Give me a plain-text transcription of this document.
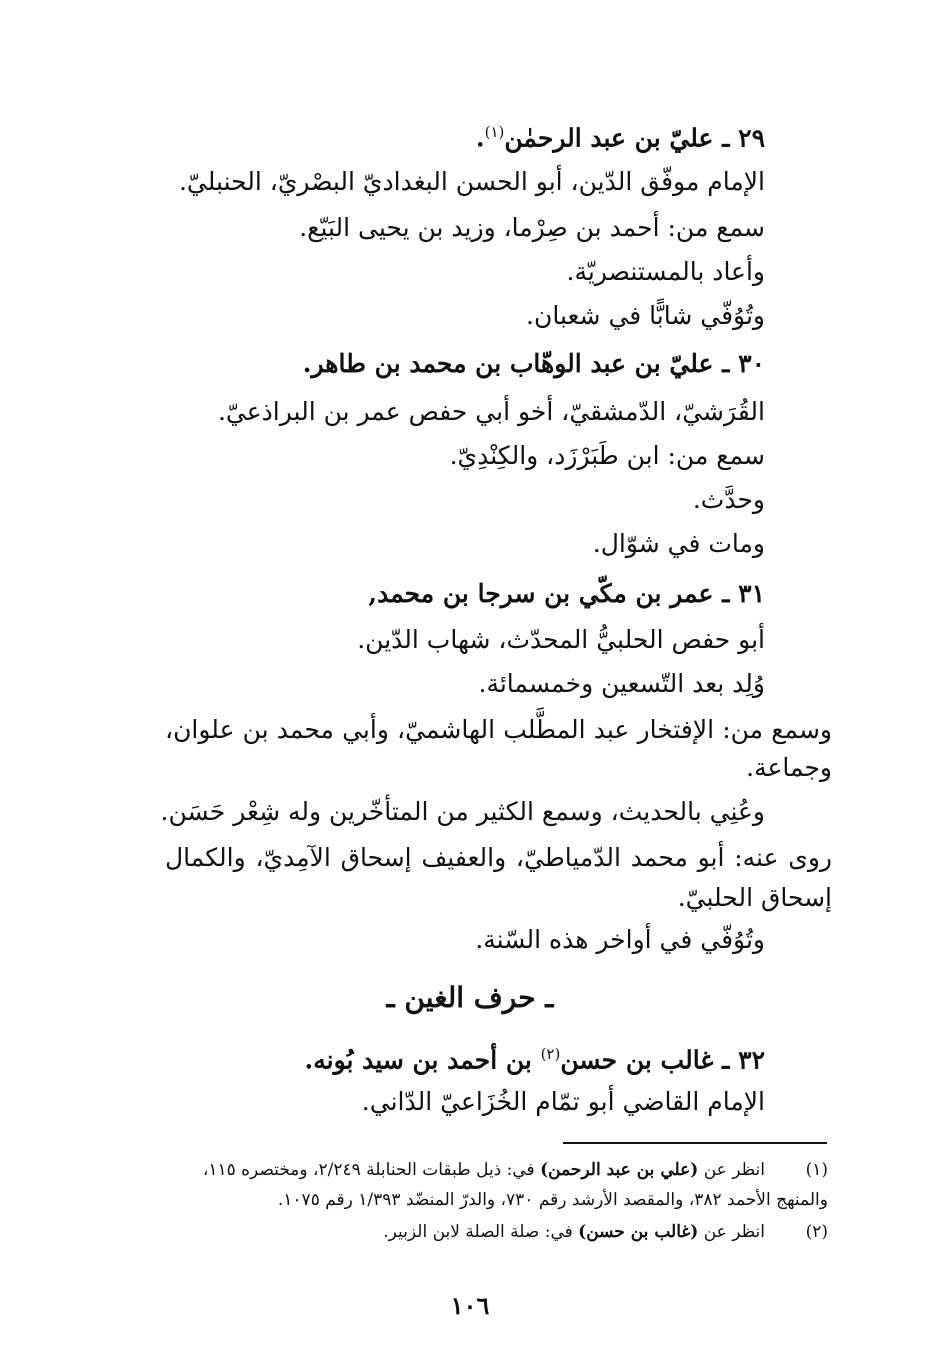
٢٩ ـ عليّ بن عبد الرحمٰن$^{(١)}$.
الإمام موفّق الدّين، أبو الحسن البغداديّ البصْريّ، الحنبليّ.
سمع من: أحمد بن صِرْما، وزيد بن يحيى البَيّع.
وأعاد بالمستنصريّة.
وتُوُفّي شابًّا في شعبان.
٣٠ ـ عليّ بن عبد الوهّاب بن محمد بن طاهر.
القُرَشيّ، الدّمشقيّ، أخو أبي حفص عمر بن البراذعيّ.
سمع من: ابن طَبَرْزَد، والكِنْدِيّ.
وحدَّث.
ومات في شوّال.
٣١ ـ عمر بن مكّي بن سرجا بن محمد,
أبو حفص الحلبيُّ المحدّث، شهاب الدّين.
وُلِد بعد التّسعين وخمسمائة.
وسمع من: الإفتخار عبد المطَّلب الهاشميّ، وأبي محمد بن علوان،
وجماعة.
وعُنِي بالحديث، وسمع الكثير من المتأخّرين وله شِعْر حَسَن.
روى عنه: أبو محمد الدّمياطيّ، والعفيف إسحاق الآمِديّ، والكمال
إسحاق الحلبيّ.
وتُوُفّي في أواخر هذه السّنة.
ـ حرف الغين ـ
٣٢ ـ غالب بن حسن$^{(٢)}$ بن أحمد بن سيد بُونه.
الإمام القاضي أبو تمّام الخُزَاعيّ الدّاني.
(١)
انظر عن (علي بن عبد الرحمن) في: ذيل طبقات الحنابلة ٢/٢٤٩، ومختصره ١١٥،
والمنهج الأحمد ٣٨٢، والمقصد الأرشد رقم ٧٣٠، والدرّ المنضّد ١/٣٩٣ رقم ١٠٧٥.
(٢)
انظر عن (غالب بن حسن) في: صلة الصلة لابن الزبير.
١٠٦
